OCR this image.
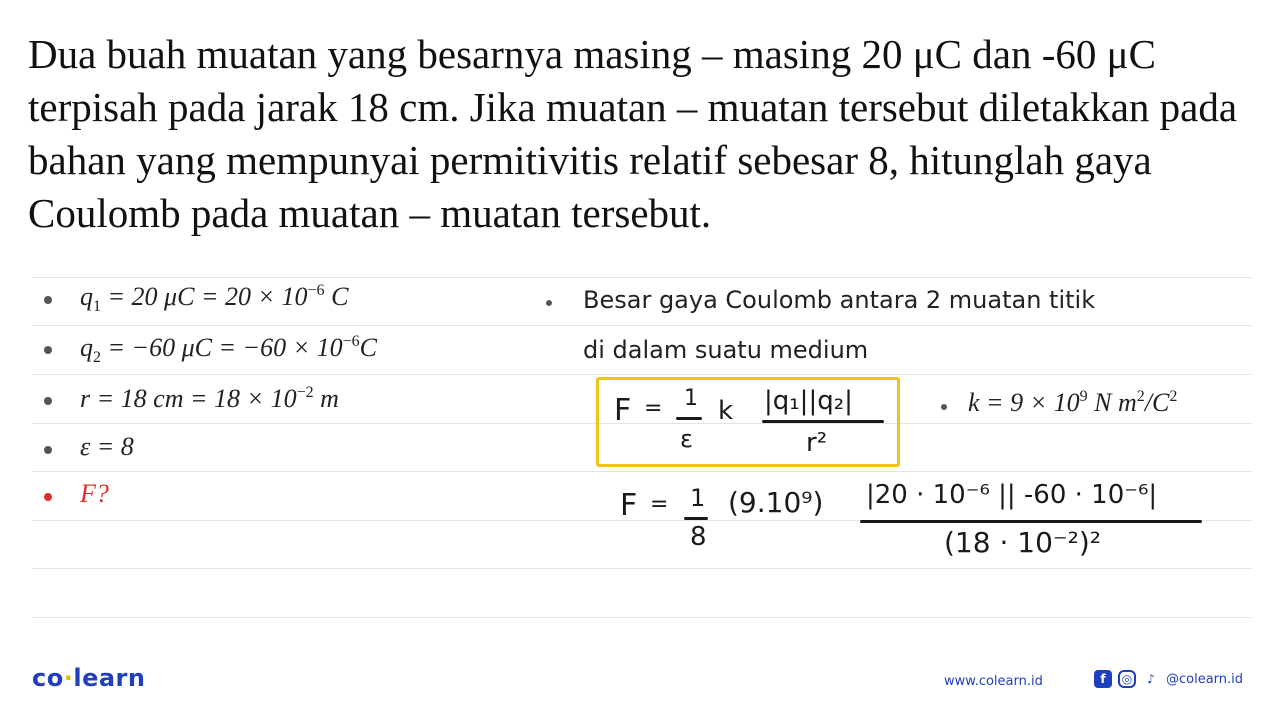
Dua buah muatan yang besarnya masing – masing 20 μC dan -60 μC terpisah pada jarak 18 cm. Jika muatan – muatan tersebut diletakkan pada bahan yang mempunyai permitivitis relatif sebesar 8, hitunglah gaya Coulomb pada muatan – muatan tersebut.

$q_1 = 20$ $\mu C = 20 \times 10^{-6}$ C
$q_2 = -60$ $\mu C = -60 \times 10^{-6}C$
r = 18 cm = $18 \times 10^{-2}$ m
ε = 8
F?
Besar gaya Coulomb antara 2 muatan titik
di dalam suatu medium
F = 1
ε
k |q₁||q₂|
r²
$k = 9 \times 10^9$ N $m^2/C^2$
F = 1
8
(9.10⁹) |20 · 10⁻⁶ || -60 · 10⁻⁶|
(18 · 10⁻²)²
co·learn	www.colearn.id	f	◎	♪ @colearn.id
